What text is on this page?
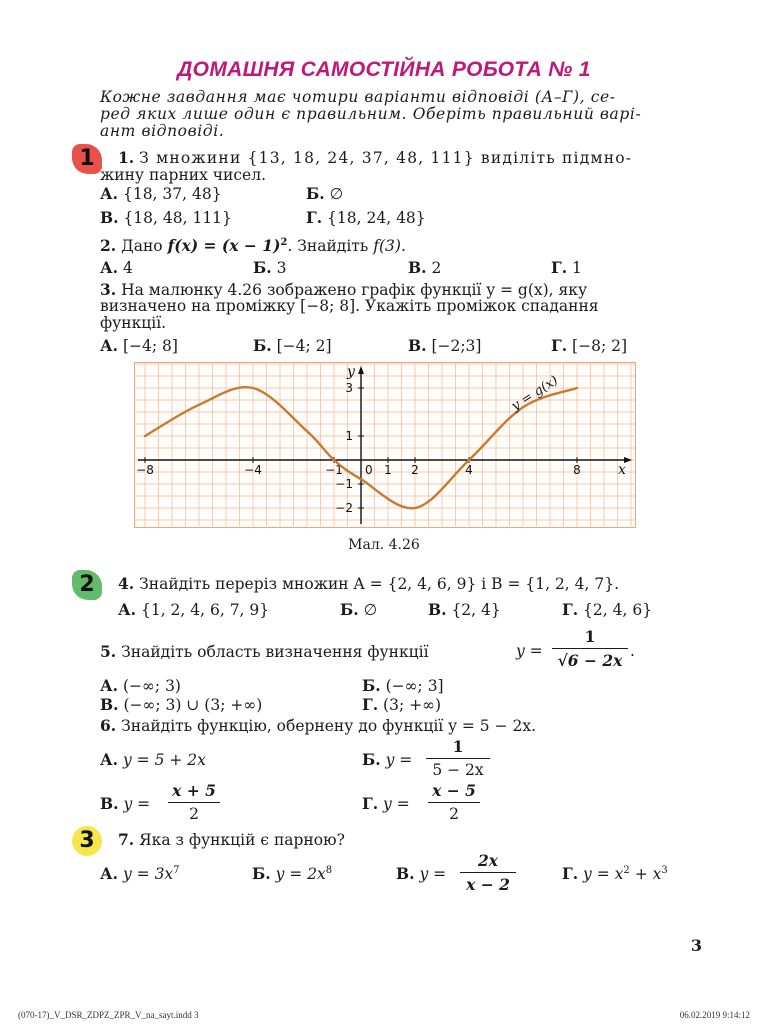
ДОМАШНЯ САМОСТІЙНА РОБОТА № 1
Кожне завдання має чотири варіанти відповіді (А–Г), се-
ред яких лише один є правильним. Оберіть правильний варі-
ант відповіді.
1
2
3
1. З множини {13, 18, 24, 37, 48, 111} виділіть підмно-
жину парних чисел.
А. {18, 37, 48}	Б. ∅
В. {18, 48, 111}	Г. {18, 24, 48}
2. Дано $f(x) = (x - 1)^2$. Знайдіть f(3).
А. 4	Б. 3	В. 2	Г. 1
3. На малюнку 4.26 зображено графік функції y = g(x), яку
визначено на проміжку [−8; 8]. Укажіть проміжок спадання
функції.
А. [−4; 8]	Б. [−4; 2]	В. [−2;3]	Г. [−8; 2]
x
y
−8	−4	−1 0 1 2	4	8
3
1
−1
−2
y = g(x)
Мал. 4.26
4. Знайдіть переріз множин A = {2, 4, 6, 9} і B = {1, 2, 4, 7}.
А. {1, 2, 4, 6, 7, 9}	Б. ∅	В. {2, 4}	Г. {2, 4, 6}
5. Знайдіть область визначення функції	y =
1
√6 − 2x
.
А. (−∞; 3)	Б. (−∞; 3]
В. (−∞; 3) ∪ (3; +∞)	Г. (3; +∞)
6. Знайдіть функцію, обернену до функції y = 5 − 2x.
А. y = 5 + 2x	Б. y =
1
5 − 2x
В. y =
x + 5
2
Г. y =
x − 5
2
7. Яка з функцій є парною?
А. $y = 3x^7$	Б. $y = 2x^8$	В. y =
2x
x − 2
Г. $y = x^2 + x^3$
3
(070-17)_V_DSR_ZDPZ_ZPR_V_na_sayt.indd 3	06.02.2019 9:14:12
